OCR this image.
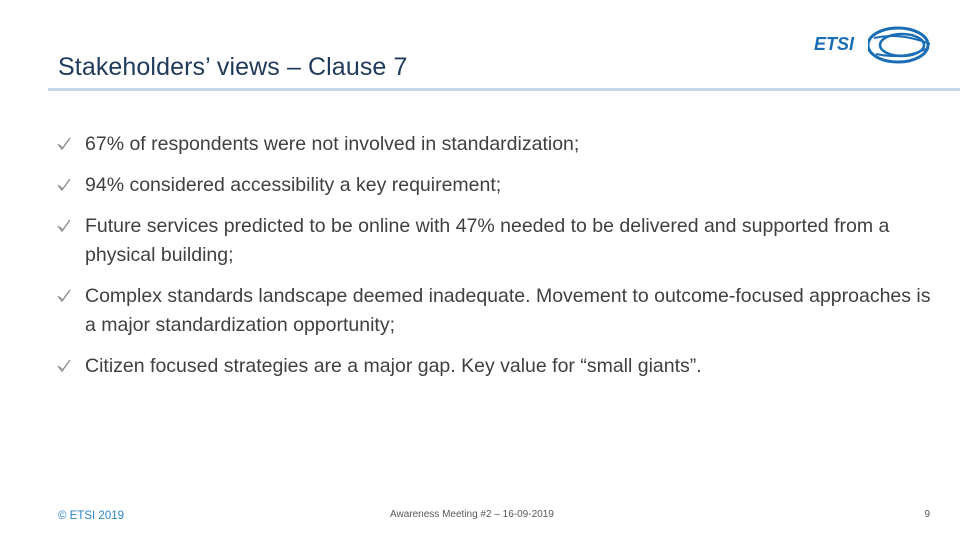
Stakeholders’ views – Clause 7
ETSI
67% of respondents were not involved in standardization;
94% considered accessibility a key requirement;
Future services predicted to be online with 47% needed to be delivered and supported from a physical building;
Complex standards landscape deemed inadequate. Movement to outcome-focused approaches is a major standardization opportunity;
Citizen focused strategies are a major gap. Key value for “small giants”.
© ETSI 2019	Awareness Meeting #2 – 16-09-2019	9
